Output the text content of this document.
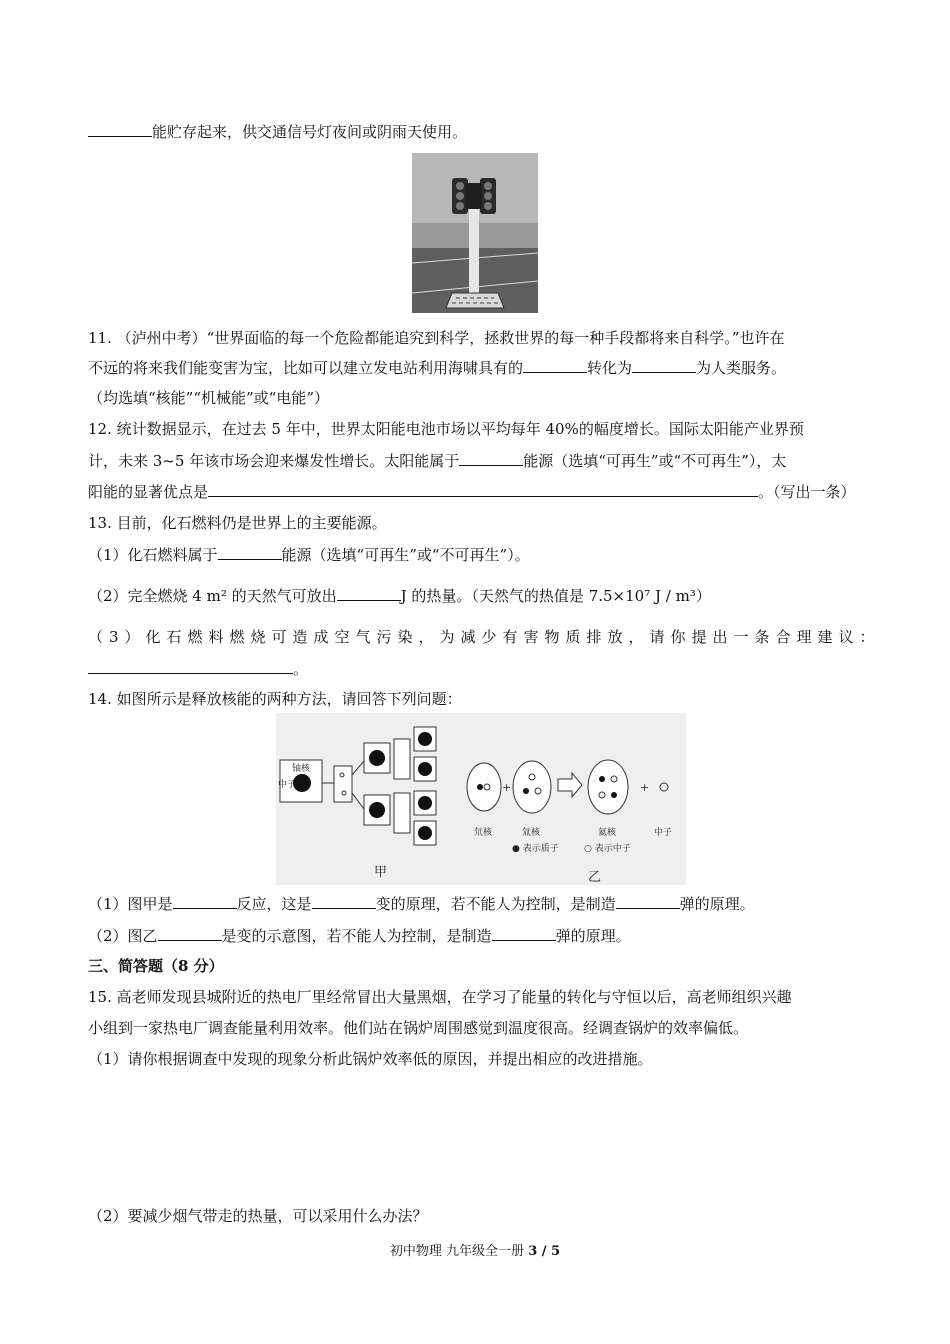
能贮存起来，供交通信号灯夜间或阴雨天使用。
11. （泸州中考）“世界面临的每一个危险都能追究到科学，拯救世界的每一种手段都将来自科学。”也许在
不远的将来我们能变害为宝，比如可以建立发电站利用海啸具有的	转化为	为人类服务。
（均选填“核能”“机械能”或“电能”）
12. 统计数据显示，在过去 5 年中，世界太阳能电池市场以平均每年 40%的幅度增长。国际太阳能产业界预
计，未来 3~5 年该市场会迎来爆发性增长。太阳能属于	能源（选填“可再生”或“不可再生”），太
阳能的显著优点是	。（写出一条）
13. 目前，化石燃料仍是世界上的主要能源。
（1）化石燃料属于	能源（选填“可再生”或“不可再生”）。
（2）完全燃烧 4 m² 的天然气可放出	J 的热量。（天然气的热值是 7.5×10⁷ J / m³）
（3）化石燃料燃烧可造成空气污染，为减少有害物质排放，请你提出一条合理建议：
。
14. 如图所示是释放核能的两种方法，请回答下列问题：
铀核
中子
甲
+	+
氘核	氚核	氦核	中子
● 表示质子	○ 表示中子
乙
（1）图甲是	反应，这是	变的原理，若不能人为控制，是制造	弹的原理。
（2）图乙	是变的示意图，若不能人为控制，是制造	弹的原理。
三、简答题（8 分）
15. 高老师发现县城附近的热电厂里经常冒出大量黑烟，在学习了能量的转化与守恒以后，高老师组织兴趣
小组到一家热电厂调查能量利用效率。他们站在锅炉周围感觉到温度很高。经调查锅炉的效率偏低。
（1）请你根据调查中发现的现象分析此锅炉效率低的原因，并提出相应的改进措施。
（2）要减少烟气带走的热量，可以采用什么办法？
初中物理 九年级全一册 3 / 5
